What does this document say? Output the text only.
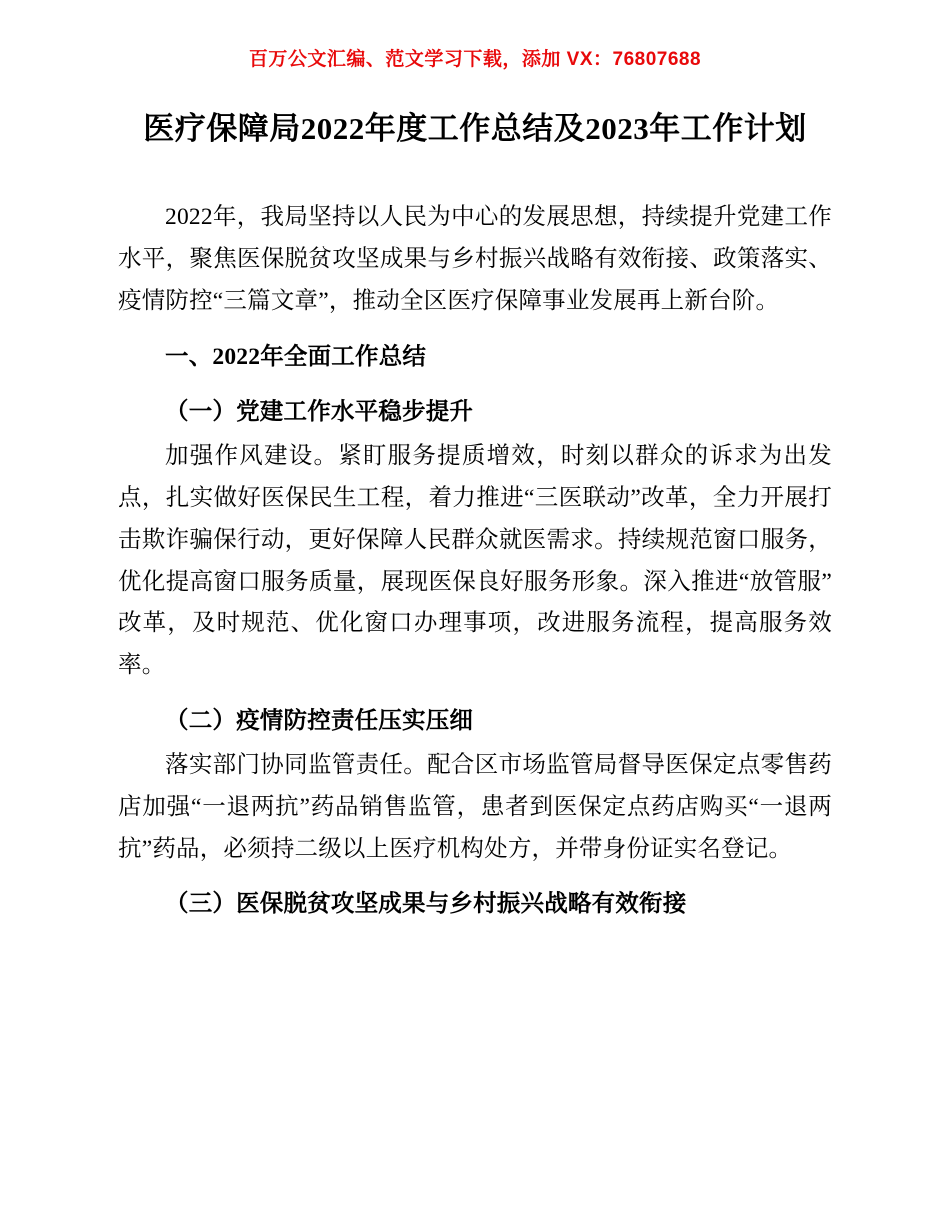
百万公文汇编、范文学习下载，添加 VX：76807688
医疗保障局2022年度工作总结及2023年工作计划

2022年，我局坚持以人民为中心的发展思想，持续提升党建工作水平，聚焦医保脱贫攻坚成果与乡村振兴战略有效衔接、政策落实、疫情防控“三篇文章”，推动全区医疗保障事业发展再上新台阶。

一、2022年全面工作总结
（一）党建工作水平稳步提升

加强作风建设。紧盯服务提质增效，时刻以群众的诉求为出发点，扎实做好医保民生工程，着力推进“三医联动”改革，全力开展打击欺诈骗保行动，更好保障人民群众就医需求。持续规范窗口服务，优化提高窗口服务质量，展现医保良好服务形象。深入推进“放管服”改革，及时规范、优化窗口办理事项，改进服务流程，提高服务效率。

（二）疫情防控责任压实压细

落实部门协同监管责任。配合区市场监管局督导医保定点零售药店加强“一退两抗”药品销售监管，患者到医保定点药店购买“一退两抗”药品，必须持二级以上医疗机构处方，并带身份证实名登记。

（三）医保脱贫攻坚成果与乡村振兴战略有效衔接
